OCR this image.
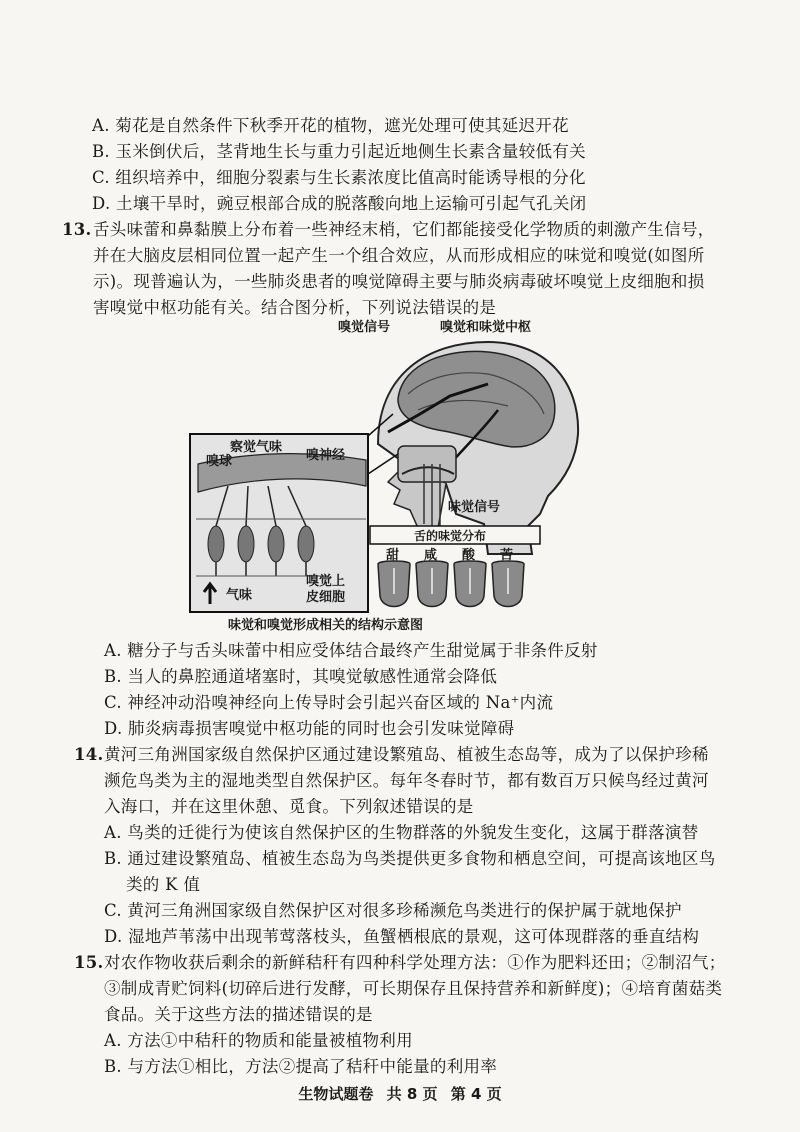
A. 菊花是自然条件下秋季开花的植物，遮光处理可使其延迟开花
B. 玉米倒伏后，茎背地生长与重力引起近地侧生长素含量较低有关
C. 组织培养中，细胞分裂素与生长素浓度比值高时能诱导根的分化
D. 土壤干旱时，豌豆根部合成的脱落酸向地上运输可引起气孔关闭
13. 舌头味蕾和鼻黏膜上分布着一些神经末梢，它们都能接受化学物质的刺激产生信号，
并在大脑皮层相同位置一起产生一个组合效应，从而形成相应的味觉和嗅觉(如图所
示)。现普遍认为，一些肺炎患者的嗅觉障碍主要与肺炎病毒破坏嗅觉上皮细胞和损
害嗅觉中枢功能有关。结合图分析，下列说法错误的是
嗅觉信号	嗅觉和味觉中枢
察觉气味
嗅球	嗅神经
味觉信号
舌的味觉分布
甜 咸 酸 苦
气味
嗅觉上
皮细胞
味觉和嗅觉形成相关的结构示意图
A. 糖分子与舌头味蕾中相应受体结合最终产生甜觉属于非条件反射
B. 当人的鼻腔通道堵塞时，其嗅觉敏感性通常会降低
C. 神经冲动沿嗅神经向上传导时会引起兴奋区域的 Na⁺内流
D. 肺炎病毒损害嗅觉中枢功能的同时也会引发味觉障碍
14. 黄河三角洲国家级自然保护区通过建设繁殖岛、植被生态岛等，成为了以保护珍稀
濒危鸟类为主的湿地类型自然保护区。每年冬春时节，都有数百万只候鸟经过黄河
入海口，并在这里休憩、觅食。下列叙述错误的是
A. 鸟类的迁徙行为使该自然保护区的生物群落的外貌发生变化，这属于群落演替
B. 通过建设繁殖岛、植被生态岛为鸟类提供更多食物和栖息空间，可提高该地区鸟
类的 K 值
C. 黄河三角洲国家级自然保护区对很多珍稀濒危鸟类进行的保护属于就地保护
D. 湿地芦苇荡中出现苇莺落枝头，鱼蟹栖根底的景观，这可体现群落的垂直结构
15. 对农作物收获后剩余的新鲜秸秆有四种科学处理方法：①作为肥料还田；②制沼气；
③制成青贮饲料(切碎后进行发酵，可长期保存且保持营养和新鲜度)；④培育菌菇类
食品。关于这些方法的描述错误的是
A. 方法①中秸秆的物质和能量被植物利用
B. 与方法①相比，方法②提高了秸秆中能量的利用率
生物试题卷 共 8 页 第 4 页
